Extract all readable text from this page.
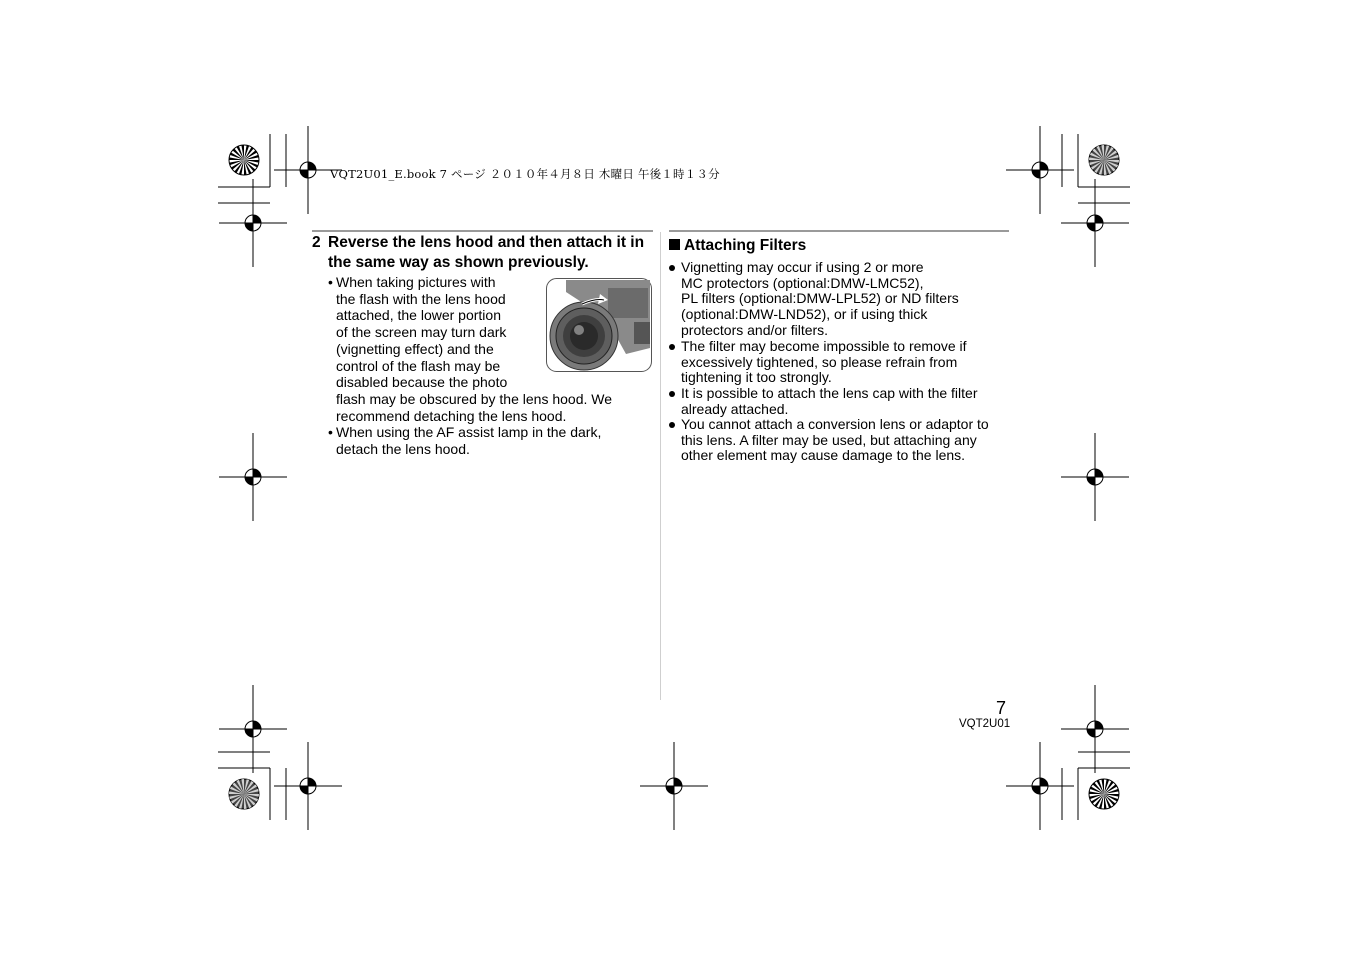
VQT2U01_E.book 7 ページ ２０１０年４月８日 木曜日 午後１時１３分
2 Reverse the lens hood and then attach it in the same way as shown previously.
• When taking pictures with
the flash with the lens hood
attached, the lower portion
of the screen may turn dark
(vignetting effect) and the
control of the flash may be
disabled because the photo
flash may be obscured by the lens hood. We
recommend detaching the lens hood.
• When using the AF assist lamp in the dark,
detach the lens hood.
Attaching Filters
Vignetting may occur if using 2 or more
MC protectors (optional:DMW-LMC52),
PL filters (optional:DMW-LPL52) or ND filters
(optional:DMW-LND52), or if using thick
protectors and/or filters.
The filter may become impossible to remove if
excessively tightened, so please refrain from
tightening it too strongly.
It is possible to attach the lens cap with the filter
already attached.
You cannot attach a conversion lens or adaptor to
this lens. A filter may be used, but attaching any
other element may cause damage to the lens.
7
VQT2U01
